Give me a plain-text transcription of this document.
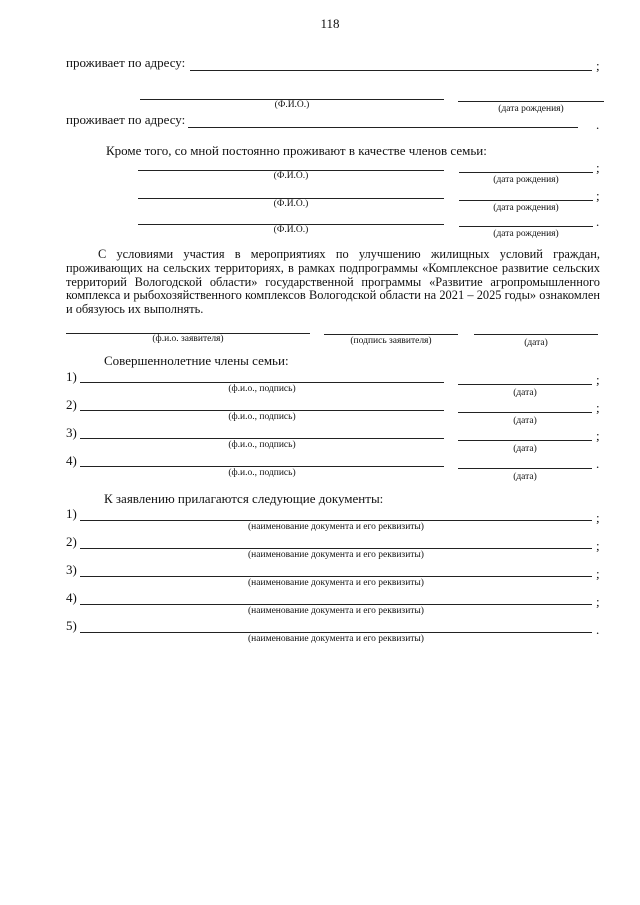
118
проживает по адресу:	;
(Ф.И.О.)	(дата рождения)
проживает по адресу:	.
Кроме того, со мной постоянно проживают в качестве членов семьи:
;
(Ф.И.О.)	(дата рождения)
;
(Ф.И.О.)	(дата рождения)
.
(Ф.И.О.)	(дата рождения)
С условиями участия в мероприятиях по улучшению жилищных условий граждан, проживающих на сельских территориях, в рамках подпрограммы «Комплексное развитие сельских территорий Вологодской области» государственной программы «Развитие агропромышленного комплекса и рыбохозяйственного комплексов Вологодской области на 2021 – 2025 годы» ознакомлен и обязуюсь их выполнять.
(ф.и.о. заявителя)	(подпись заявителя)	(дата)
Совершеннолетние члены семьи:
1)	;
(ф.и.о., подпись)	(дата)
2)	;
(ф.и.о., подпись)	(дата)
3)	;
(ф.и.о., подпись)	(дата)
4)	.
(ф.и.о., подпись)	(дата)
К заявлению прилагаются следующие документы:
1)	;
(наименование документа и его реквизиты)
2)	;
(наименование документа и его реквизиты)
3)	;
(наименование документа и его реквизиты)
4)	;
(наименование документа и его реквизиты)
5)	.
(наименование документа и его реквизиты)
